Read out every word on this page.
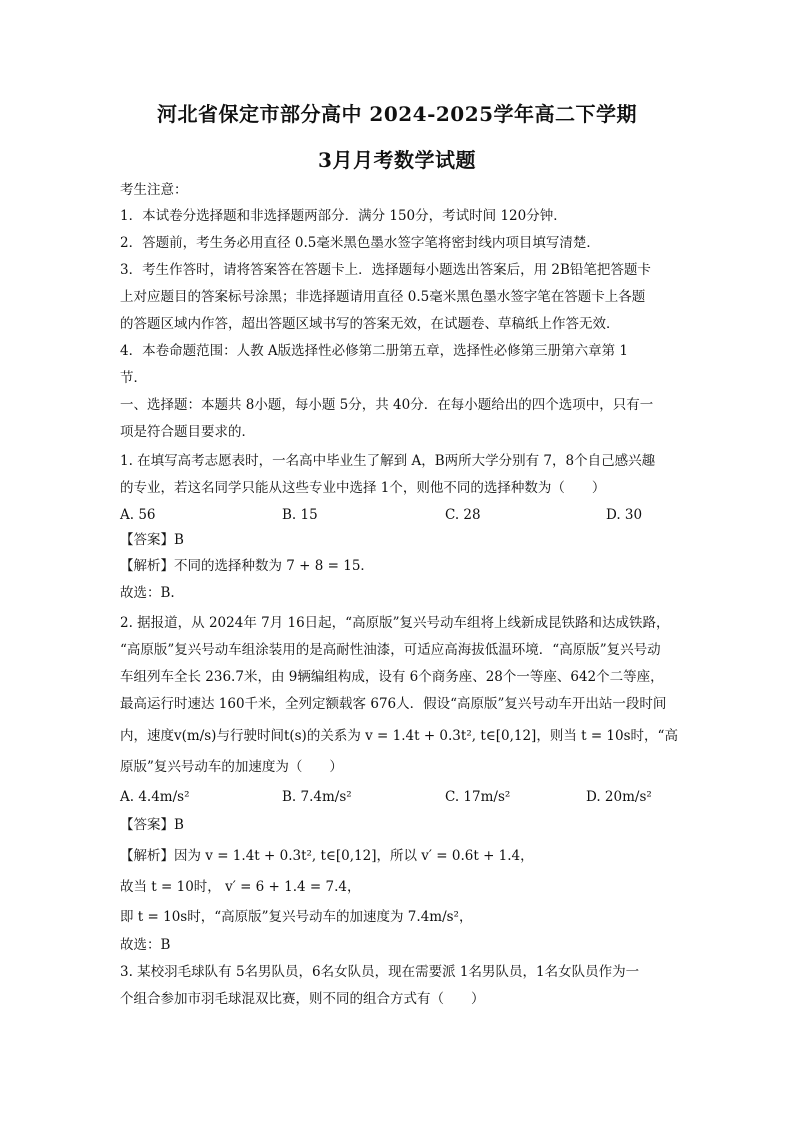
河北省保定市部分高中 2024-2025学年高二下学期
3月月考数学试题
考生注意：
1．本试卷分选择题和非选择题两部分．满分 150分，考试时间 120分钟．
2．答题前，考生务必用直径 0.5毫米黑色墨水签字笔将密封线内项目填写清楚．
3．考生作答时，请将答案答在答题卡上．选择题每小题选出答案后，用 2B铅笔把答题卡
上对应题目的答案标号涂黑；非选择题请用直径 0.5毫米黑色墨水签字笔在答题卡上各题
的答题区域内作答，超出答题区域书写的答案无效，在试题卷、草稿纸上作答无效．
4．本卷命题范围：人教 A版选择性必修第二册第五章，选择性必修第三册第六章第 1
节．
一、选择题：本题共 8小题，每小题 5分，共 40分．在每小题给出的四个选项中，只有一
项是符合题目要求的．
1. 在填写高考志愿表时，一名高中毕业生了解到 A，B两所大学分别有 7，8个自己感兴趣
的专业，若这名同学只能从这些专业中选择 1个，则他不同的选择种数为（　　）
A. 56	B. 15	C. 28	D. 30
【答案】B
【解析】不同的选择种数为 7 + 8 = 15．
故选：B.
2. 据报道，从 2024年 7月 16日起，“高原版”复兴号动车组将上线新成昆铁路和达成铁路，
“高原版”复兴号动车组涂装用的是高耐性油漆，可适应高海拔低温环境．“高原版”复兴号动
车组列车全长 236.7米，由 9辆编组构成，设有 6个商务座、28个一等座、642个二等座，
最高运行时速达 160千米，全列定额载客 676人．假设“高原版”复兴号动车开出站一段时间
内，速度v(m/s)与行驶时间t(s)的关系为 v = 1.4t + 0.3t², t∈[0,12]，则当 t = 10s时，“高
原版”复兴号动车的加速度为（　　）
A. 4.4m/s²	B. 7.4m/s²	C. 17m/s²	D. 20m/s²
【答案】B
【解析】因为 v = 1.4t + 0.3t², t∈[0,12]，所以 v′ = 0.6t + 1.4，
故当 t = 10时， v′ = 6 + 1.4 = 7.4，
即 t = 10s时，“高原版”复兴号动车的加速度为 7.4m/s²，
故选：B
3. 某校羽毛球队有 5名男队员，6名女队员，现在需要派 1名男队员，1名女队员作为一
个组合参加市羽毛球混双比赛，则不同的组合方式有（　　）
